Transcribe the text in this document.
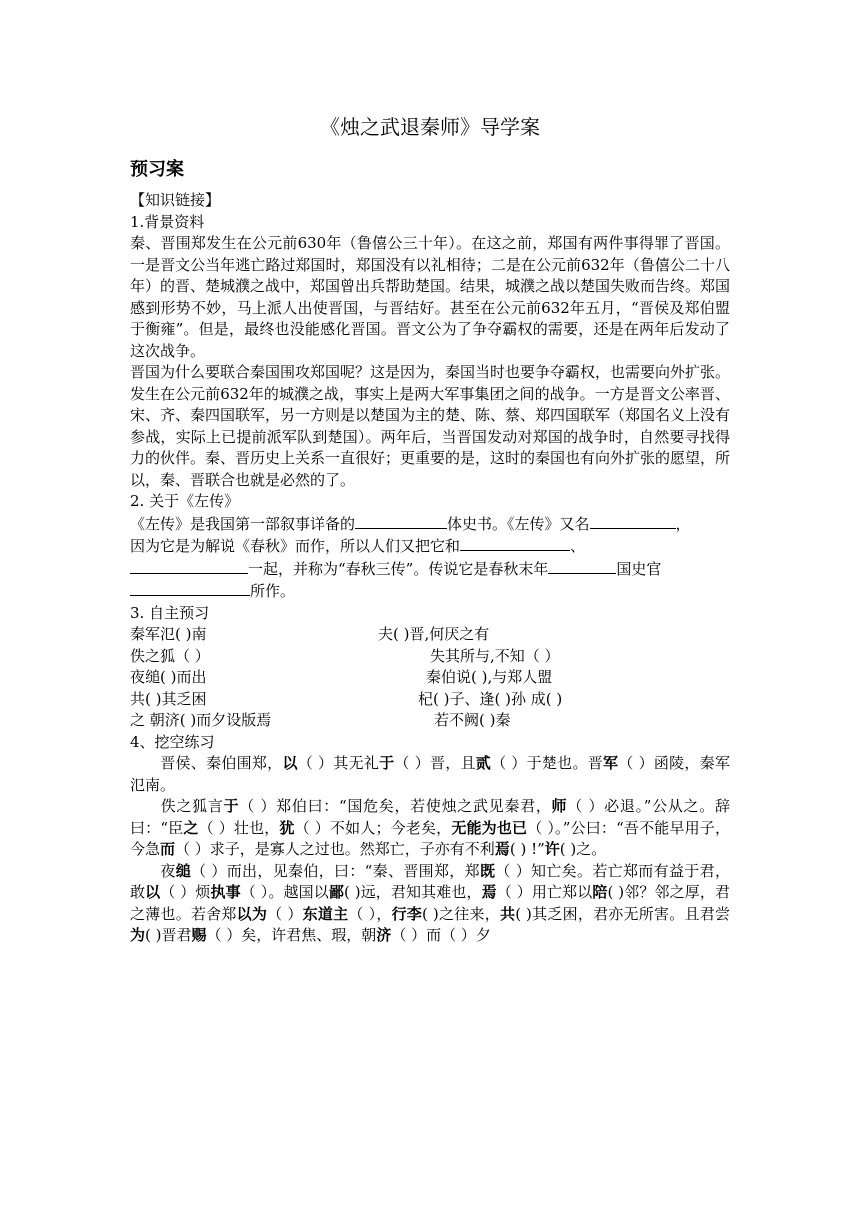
《烛之武退秦师》导学案
预习案

【知识链接】

1.背景资料

秦、晋围郑发生在公元前630年（鲁僖公三十年）。在这之前，郑国有两件事得罪了晋国。一是晋文公当年逃亡路过郑国时，郑国没有以礼相待；二是在公元前632年（鲁僖公二十八年）的晋、楚城濮之战中，郑国曾出兵帮助楚国。结果，城濮之战以楚国失败而告终。郑国感到形势不妙，马上派人出使晋国，与晋结好。甚至在公元前632年五月，“晋侯及郑伯盟于衡雍”。但是，最终也没能感化晋国。晋文公为了争夺霸权的需要，还是在两年后发动了这次战争。

晋国为什么要联合秦国围攻郑国呢？这是因为，秦国当时也要争夺霸权，也需要向外扩张。发生在公元前632年的城濮之战，事实上是两大军事集团之间的战争。一方是晋文公率晋、宋、齐、秦四国联军，另一方则是以楚国为主的楚、陈、蔡、郑四国联军（郑国名义上没有参战，实际上已提前派军队到楚国）。两年后，当晋国发动对郑国的战争时，自然要寻找得力的伙伴。秦、晋历史上关系一直很好；更重要的是，这时的秦国也有向外扩张的愿望，所以，秦、晋联合也就是必然的了。

2. 关于《左传》

《左传》是我国第一部叙事详备的	体史书。《左传》又名	，

因为它是为解说《春秋》而作，所以人们又把它和	、

一起，并称为“春秋三传”。传说它是春秋末年	国史官

所作。

3. 自主预习

秦军氾( )南	夫( )晋,何厌之有
佚之狐（ ）	失其所与,不知（ ）
夜缒( )而出	秦伯说( ),与郑人盟
共( )其乏困	杞( )子、逢( )孙 成( )
之 朝济( )而夕设版焉	若不阙( )秦

4、挖空练习

晋侯、秦伯围郑，以（ ）其无礼于（ ）晋，且贰（ ）于楚也。晋军（ ）函陵，秦军氾南。

佚之狐言于（ ）郑伯曰：“国危矣，若使烛之武见秦君，师（ ）必退。”公从之。辞曰：“臣之（ ）壮也，犹（ ）不如人；今老矣，无能为也已（ ）。”公曰：“吾不能早用子，今急而（ ）求子，是寡人之过也。然郑亡，子亦有不利焉( ) !”许( )之。

夜缒（ ）而出，见秦伯，曰：“秦、晋围郑，郑既（ ）知亡矣。若亡郑而有益于君，敢以（ ）烦执事（ ）。越国以鄙( )远，君知其难也，焉（ ）用亡郑以陪( )邻？邻之厚，君之薄也。若舍郑以为（ ）东道主（ ），行李( )之往来，共( )其乏困，君亦无所害。且君尝为( )晋君赐（ ）矣，许君焦、瑕，朝济（ ）而（ ）夕
